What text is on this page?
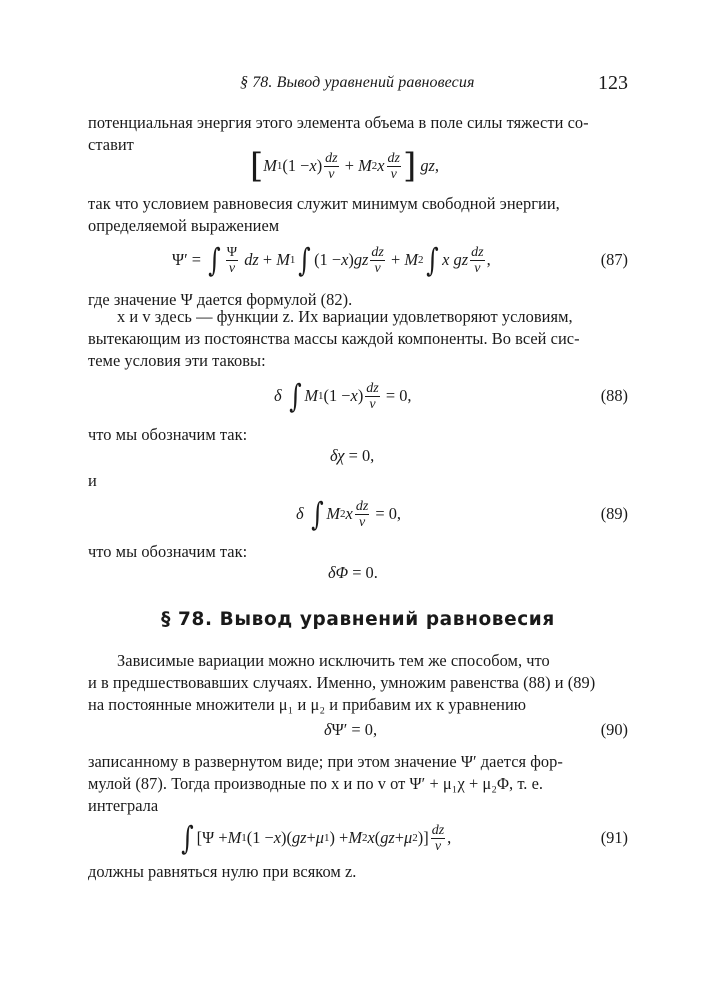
§ 78. Вывод уравнений равновесия	123
потенциальная энергия этого элемента объема в поле силы тяжести со-
ставит
[ M 1 (1 − x ) $\frac{dz}{v} + M$ 2 x $\frac{dz}{v}$ ] gz ,
так что условием равновесия служит минимум свободной энергии,
определяемой выражением
Ψ′ = ∫ $\frac{\Psi}{v}$ dz + M 1 ∫ (1 − x ) gz $\frac{dz}{v} + M$ 2 ∫ x gz $\frac{dz}{v}$ ,	(87)
где значение Ψ дается формулой (82).
x и v здесь — функции z. Их вариации удовлетворяют условиям,
вытекающим из постоянства массы каждой компоненты. Во всей сис-
теме условия эти таковы:
δ ∫ M 1 (1 − x ) $\frac{dz}{v} = 0$,	(88)
что мы обозначим так:
δχ = 0,
и
δ ∫ M 2 x $\frac{dz}{v} = 0$,	(89)
что мы обозначим так:
δΦ = 0.
§ 78. Вывод уравнений равновесия
Зависимые вариации можно исключить тем же способом, что
и в предшествовавших случаях. Именно, умножим равенства (88) и (89)
на постоянные множители μ₁ и μ₂ и прибавим их к уравнению
δ Ψ′ = 0,	(90)
записанному в развернутом виде; при этом значение Ψ′ дается фор-
мулой (87). Тогда производные по x и по v от Ψ′ + μ₁χ + μ₂Φ, т. е.
интеграла
∫ [Ψ + M 1 (1 − x )( gz + μ 1 ) + M 2 x ( gz + μ 2 )] $\frac{dz}{v}$ ,	(91)
должны равняться нулю при всяком z.
